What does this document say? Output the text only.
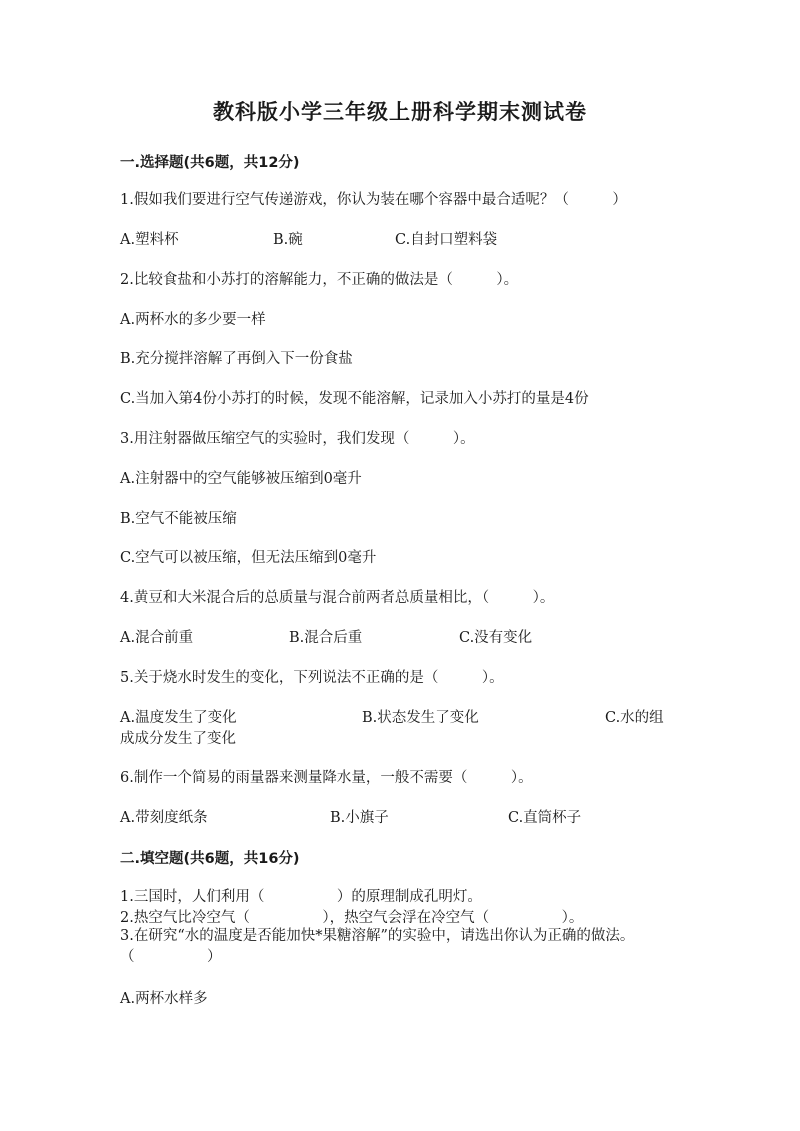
教科版小学三年级上册科学期末测试卷
一.选择题(共6题，共12分)
1.假如我们要进行空气传递游戏，你认为装在哪个容器中最合适呢？（　　　）
A.塑料杯	B.碗	C.自封口塑料袋
2.比较食盐和小苏打的溶解能力，不正确的做法是（　　　）。
A.两杯水的多少要一样
B.充分搅拌溶解了再倒入下一份食盐
C.当加入第4份小苏打的时候，发现不能溶解，记录加入小苏打的量是4份
3.用注射器做压缩空气的实验时，我们发现（　　　）。
A.注射器中的空气能够被压缩到0毫升
B.空气不能被压缩
C.空气可以被压缩，但无法压缩到0毫升
4.黄豆和大米混合后的总质量与混合前两者总质量相比，（　　　）。
A.混合前重	B.混合后重	C.没有变化
5.关于烧水时发生的变化，下列说法不正确的是（　　　）。
A.温度发生了变化	B.状态发生了变化	C.水的组
成成分发生了变化
6.制作一个简易的雨量器来测量降水量，一般不需要（　　　）。
A.带刻度纸条	B.小旗子	C.直筒杯子
二.填空题(共6题，共16分)
1.三国时，人们利用（　　　　　）的原理制成孔明灯。
2.热空气比冷空气（　　　　　），热空气会浮在冷空气（　　　　　）。
3.在研究“水的温度是否能加快*果糖溶解”的实验中，请选出你认为正确的做法。（　　　　　）
A.两杯水样多
